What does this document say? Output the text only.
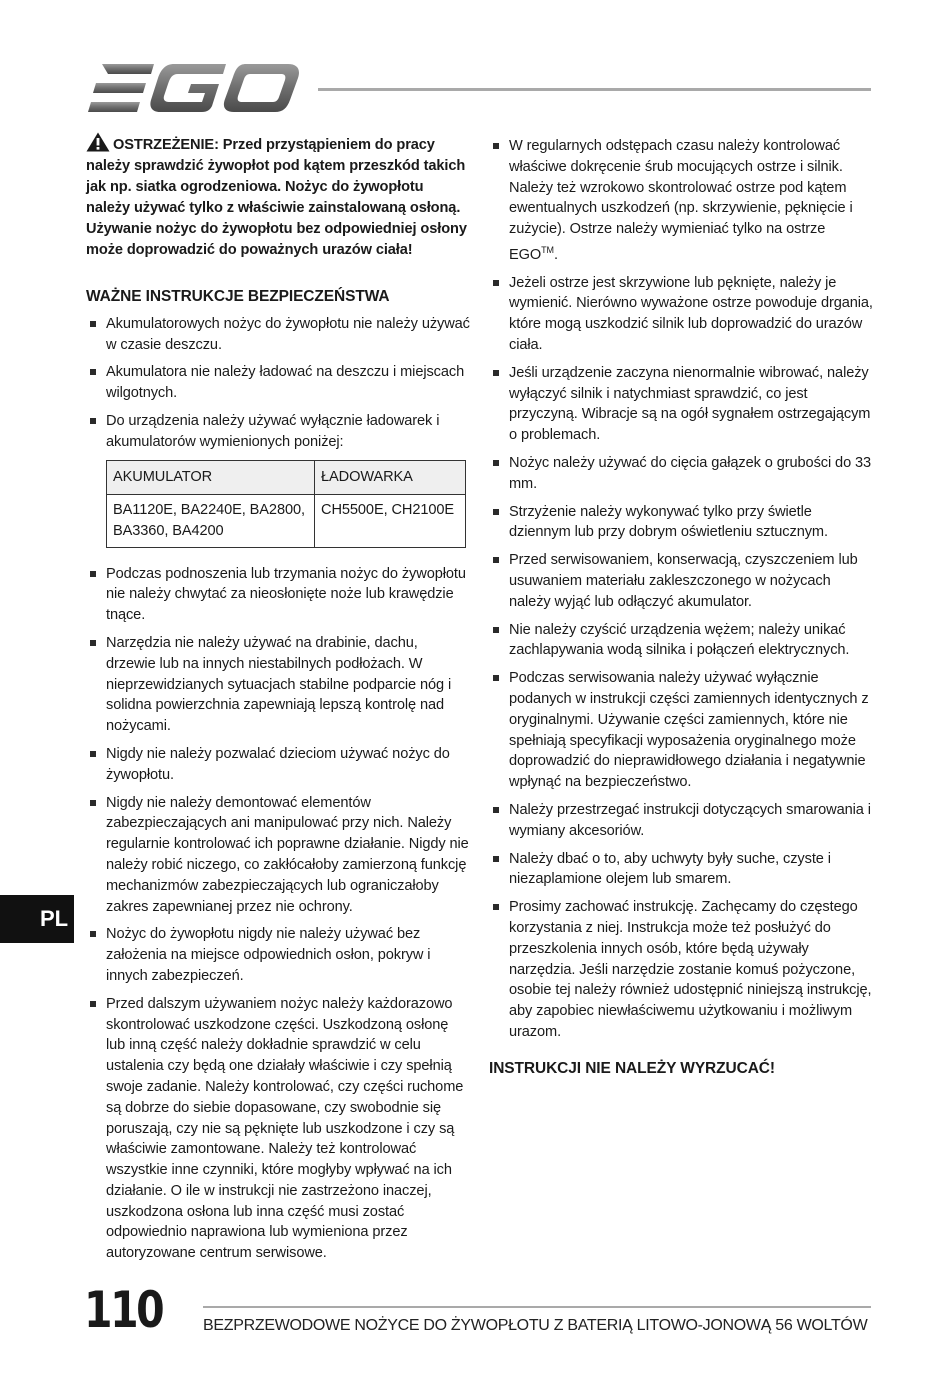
OSTRZEŻENIE: Przed przystąpieniem do pracy należy sprawdzić żywopłot pod kątem przeszkód takich jak np. siatka ogrodzeniowa. Nożyc do żywopłotu należy używać tylko z właściwie zainstalowaną osłoną. Używanie nożyc do żywopłotu bez odpowiedniej osłony może doprowadzić do poważnych urazów ciała!
WAŻNE INSTRUKCJE BEZPIECZEŃSTWA
Akumulatorowych nożyc do żywopłotu nie należy używać w czasie deszczu.
Akumulatora nie należy ładować na deszczu i miejscach wilgotnych.
Do urządzenia należy używać wyłącznie ładowarek i akumulatorów wymienionych poniżej:
AKUMULATOR	ŁADOWARKA
BA1120E, BA2240E, BA2800, BA3360, BA4200	CH5500E, CH2100E
Podczas podnoszenia lub trzymania nożyc do żywopłotu nie należy chwytać za nieosłonięte noże lub krawędzie tnące.
Narzędzia nie należy używać na drabinie, dachu, drzewie lub na innych niestabilnych podłożach. W nieprzewidzianych sytuacjach stabilne podparcie nóg i solidna powierzchnia zapewniają lepszą kontrolę nad nożycami.
Nigdy nie należy pozwalać dzieciom używać nożyc do żywopłotu.
Nigdy nie należy demontować elementów zabezpieczających ani manipulować przy nich. Należy regularnie kontrolować ich poprawne działanie. Nigdy nie należy robić niczego, co zakłócałoby zamierzoną funkcję mechanizmów zabezpieczających lub ograniczałoby zakres zapewnianej przez nie ochrony.
Nożyc do żywopłotu nigdy nie należy używać bez założenia na miejsce odpowiednich osłon, pokryw i innych zabezpieczeń.
Przed dalszym używaniem nożyc należy każdorazowo skontrolować uszkodzone części. Uszkodzoną osłonę lub inną część należy dokładnie sprawdzić w celu ustalenia czy będą one działały właściwie i czy spełnią swoje zadanie. Należy kontrolować, czy części ruchome są dobrze do siebie dopasowane, czy swobodnie się poruszają, czy nie są pęknięte lub uszkodzone i czy są właściwie zamontowane. Należy też kontrolować wszystkie inne czynniki, które mogłyby wpływać na ich działanie. O ile w instrukcji nie zastrzeżono inaczej, uszkodzona osłona lub inna część musi zostać odpowiednio naprawiona lub wymieniona przez autoryzowane centrum serwisowe.
W regularnych odstępach czasu należy kontrolować właściwe dokręcenie śrub mocujących ostrze i silnik. Należy też wzrokowo skontrolować ostrze pod kątem ewentualnych uszkodzeń (np. skrzywienie, pęknięcie i zużycie). Ostrze należy wymieniać tylko na ostrze EGO™.
Jeżeli ostrze jest skrzywione lub pęknięte, należy je wymienić. Nierówno wyważone ostrze powoduje drgania, które mogą uszkodzić silnik lub doprowadzić do urazów ciała.
Jeśli urządzenie zaczyna nienormalnie wibrować, należy wyłączyć silnik i natychmiast sprawdzić, co jest przyczyną. Wibracje są na ogół sygnałem ostrzegającym o problemach.
Nożyc należy używać do cięcia gałązek o grubości do 33 mm.
Strzyżenie należy wykonywać tylko przy świetle dziennym lub przy dobrym oświetleniu sztucznym.
Przed serwisowaniem, konserwacją, czyszczeniem lub usuwaniem materiału zakleszczonego w nożycach należy wyjąć lub odłączyć akumulator.
Nie należy czyścić urządzenia wężem; należy unikać zachlapywania wodą silnika i połączeń elektrycznych.
Podczas serwisowania należy używać wyłącznie podanych w instrukcji części zamiennych identycznych z oryginalnymi. Używanie części zamiennych, które nie spełniają specyfikacji wyposażenia oryginalnego może doprowadzić do nieprawidłowego działania i negatywnie wpłynąć na bezpieczeństwo.
Należy przestrzegać instrukcji dotyczących smarowania i wymiany akcesoriów.
Należy dbać o to, aby uchwyty były suche, czyste i niezaplamione olejem lub smarem.
Prosimy zachować instrukcję. Zachęcamy do częstego korzystania z niej. Instrukcja może też posłużyć do przeszkolenia innych osób, które będą używały narzędzia. Jeśli narzędzie zostanie komuś pożyczone, osobie tej należy również udostępnić niniejszą instrukcję, aby zapobiec niewłaściwemu użytkowaniu i możliwym urazom.
INSTRUKCJI NIE NALEŻY WYRZUCAĆ!
PL
110	BEZPRZEWODOWE NOŻYCE DO ŻYWOPŁOTU Z BATERIĄ LITOWO-JONOWĄ 56 WOLTÓW
